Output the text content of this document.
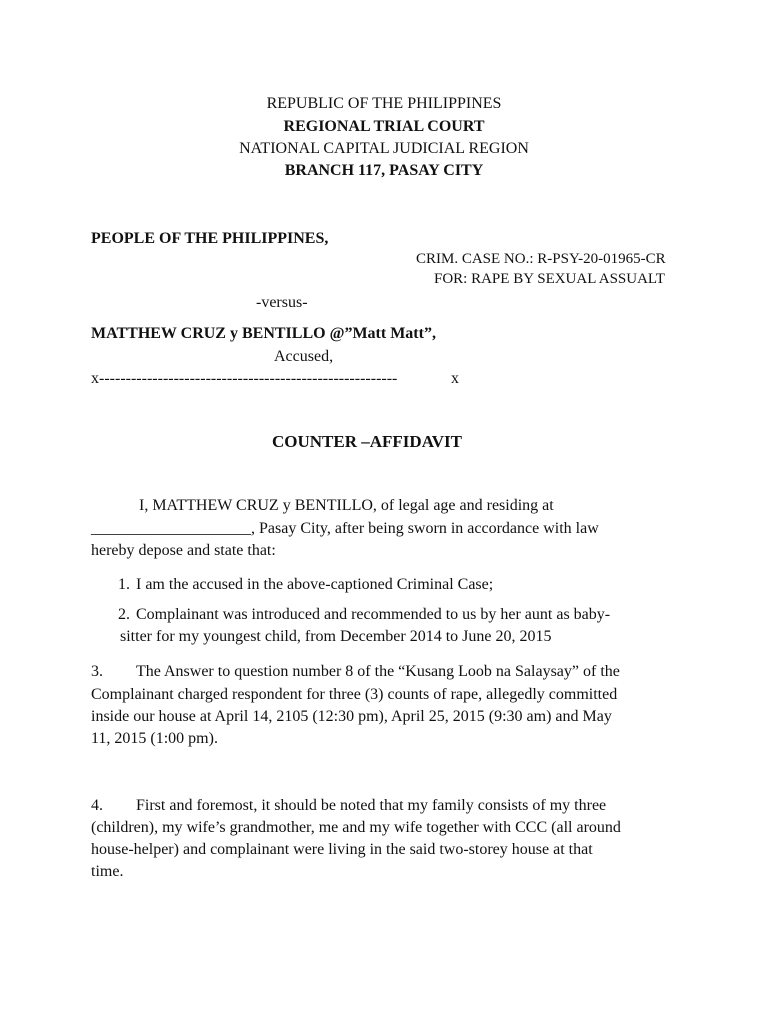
REPUBLIC OF THE PHILIPPINES
REGIONAL TRIAL COURT
NATIONAL CAPITAL JUDICIAL REGION
BRANCH 117, PASAY CITY
PEOPLE OF THE PHILIPPINES,
CRIM. CASE NO.: R-PSY-20-01965-CR
FOR: RAPE BY SEXUAL ASSUALT
-versus-
MATTHEW CRUZ y BENTILLO @”Matt Matt”,
Accused,
x--------------------------------------------------------	x
COUNTER –AFFIDAVIT
I, MATTHEW CRUZ y BENTILLO, of legal age and residing at
____________________, Pasay City, after being sworn in accordance with law
hereby depose and state that:
1. I am the accused in the above-captioned Criminal Case;
2. Complainant was introduced and recommended to us by her aunt as baby-
sitter for my youngest child, from December 2014 to June 20, 2015
3. The Answer to question number 8 of the “Kusang Loob na Salaysay” of the
Complainant charged respondent for three (3) counts of rape, allegedly committed
inside our house at April 14, 2105 (12:30 pm), April 25, 2015 (9:30 am) and May
11, 2015 (1:00 pm).
4. First and foremost, it should be noted that my family consists of my three
(children), my wife’s grandmother, me and my wife together with CCC (all around
house-helper) and complainant were living in the said two-storey house at that
time.
